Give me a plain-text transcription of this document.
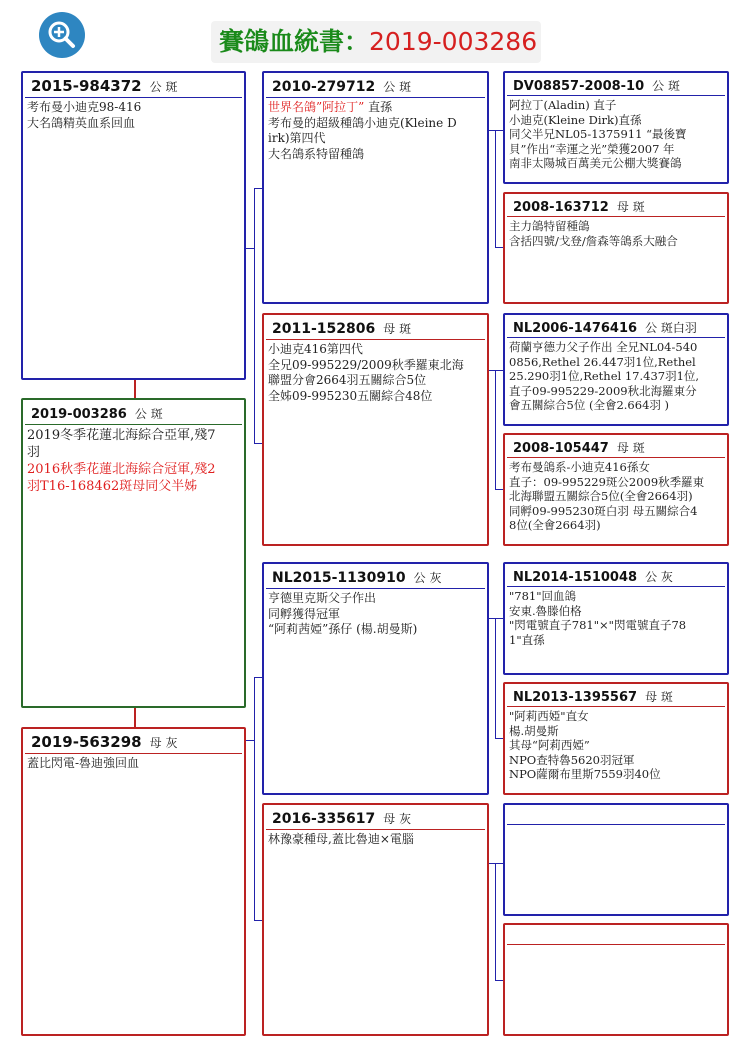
賽鴿血統書：2019-003286
2015-984372 公 斑
考布曼小迪克98-416
大名鴿精英血系回血
2019-003286 公 斑
2019冬季花蓮北海綜合亞軍,殘7
羽
2016秋季花蓮北海綜合冠軍,殘2
羽T16-168462斑母同父半姊
2019-563298 母 灰
蓋比閃電-魯迪強回血
2010-279712 公 斑
世界名鴿”阿拉丁” 直孫
考布曼的超級種鴿小迪克(Kleine D
irk)第四代
大名鴿系特留種鴿
2011-152806 母 斑
小迪克416第四代
全兄09-995229/2009秋季羅東北海
聯盟分會2664羽五關綜合5位
全姊09-995230五關綜合48位
NL2015-1130910 公 灰
亨德里克斯父子作出
同孵獲得冠軍
“阿莉茜婭”孫仔 (楊.胡曼斯)
2016-335617 母 灰
林豫豪種母,蓋比魯迪×電腦
DV08857-2008-10 公 斑
阿拉丁(Aladin) 直子
小迪克(Kleine Dirk)直孫
同父半兄NL05-1375911 “最後寶
貝”作出“幸運之光”榮獲2007 年
南非太陽城百萬美元公棚大獎賽鴿
2008-163712 母 斑
主力鴿特留種鴿
含括四號/戈登/詹森等鴿系大融合
NL2006-1476416 公 斑白羽
荷蘭亨德力父子作出 全兄NL04-540
0856,Rethel 26.447羽1位,Rethel
25.290羽1位,Rethel 17.437羽1位,
直子09-995229-2009秋北海羅東分
會五關綜合5位 (全會2.664羽 )
2008-105447 母 斑
考布曼鴿系-小迪克416孫女
直子：09-995229斑公2009秋季羅東
北海聯盟五關綜合5位(全會2664羽)
同孵09-995230斑白羽 母五關綜合4
8位(全會2664羽)
NL2014-1510048 公 灰
"781"回血鴿
安東.魯滕伯格
"閃電號直子781"×"閃電號直子78
1"直孫
NL2013-1395567 母 斑
"阿莉西婭"直女
楊.胡曼斯
其母“阿莉西婭”
NPO查特魯5620羽冠軍
NPO薩爾布里斯7559羽40位
